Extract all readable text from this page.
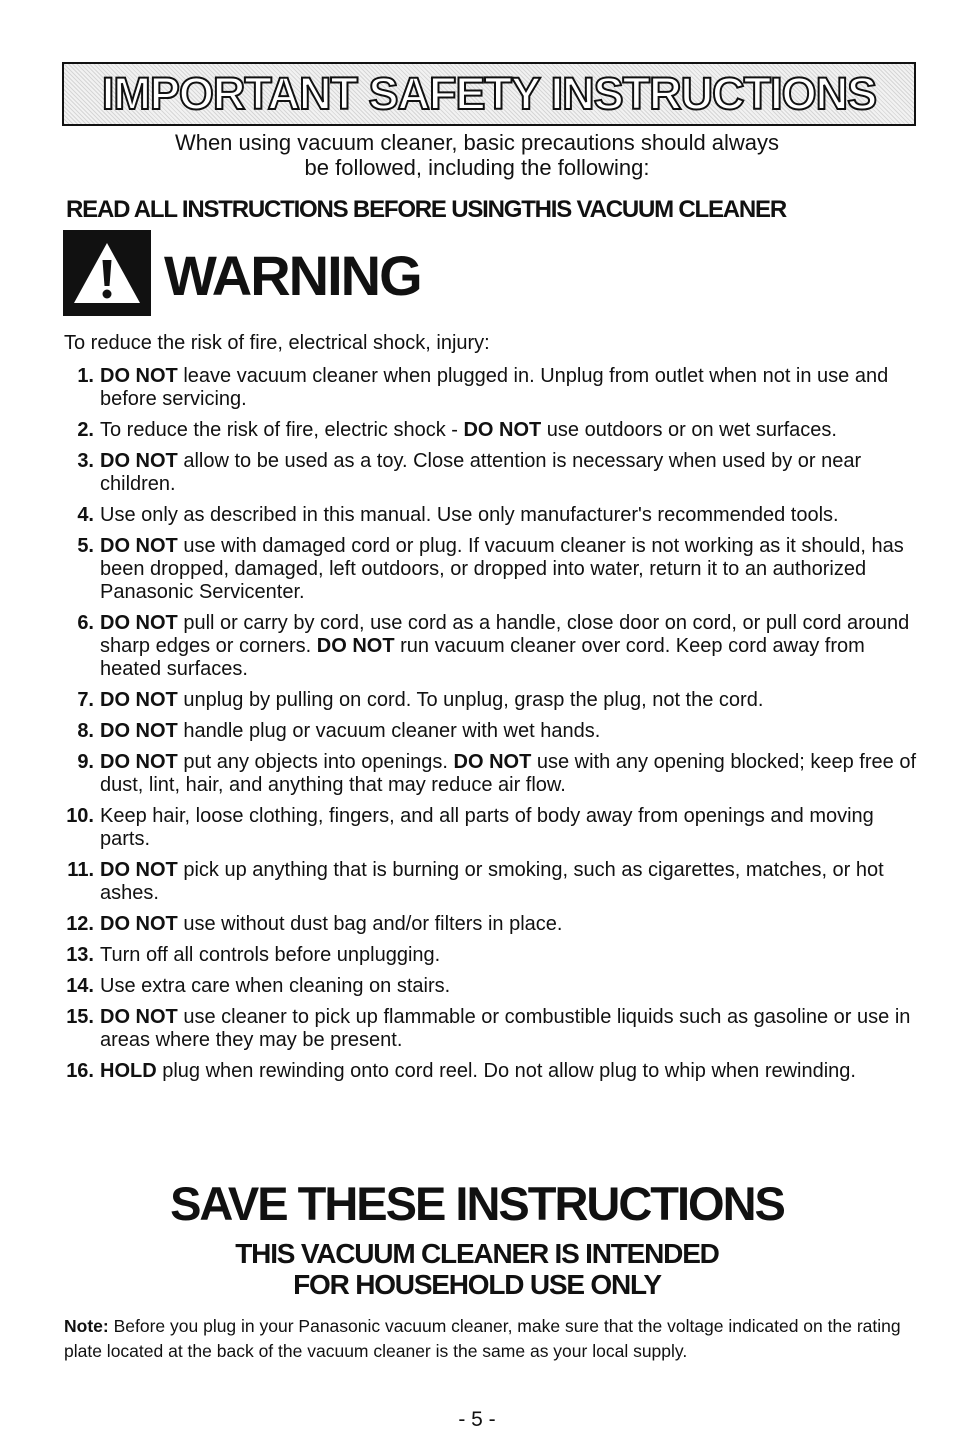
IMPORTANT SAFETY INSTRUCTIONS
When using vacuum cleaner, basic precautions should always
be followed, including the following:
READ ALL INSTRUCTIONS BEFORE USINGTHIS VACUUM CLEANER
WARNING
To reduce the risk of fire, electrical shock, injury:
1. DO NOT leave vacuum cleaner when plugged in. Unplug from outlet when not in use and before servicing.
2. To reduce the risk of fire, electric shock - DO NOT use outdoors or on wet surfaces.
3. DO NOT allow to be used as a toy. Close attention is necessary when used by or near children.
4. Use only as described in this manual. Use only manufacturer's recommended tools.
5. DO NOT use with damaged cord or plug. If vacuum cleaner is not working as it should, has been dropped, damaged, left outdoors, or dropped into water, return it to an authorized Panasonic Servicenter.
6. DO NOT pull or carry by cord, use cord as a handle, close door on cord, or pull cord around sharp edges or corners. DO NOT run vacuum cleaner over cord. Keep cord away from heated surfaces.
7. DO NOT unplug by pulling on cord. To unplug, grasp the plug, not the cord.
8. DO NOT handle plug or vacuum cleaner with wet hands.
9. DO NOT put any objects into openings. DO NOT use with any opening blocked; keep free of dust, lint, hair, and anything that may reduce air flow.
10. Keep hair, loose clothing, fingers, and all parts of body away from openings and moving parts.
11. DO NOT pick up anything that is burning or smoking, such as cigarettes, matches, or hot ashes.
12. DO NOT use without dust bag and/or filters in place.
13. Turn off all controls before unplugging.
14. Use extra care when cleaning on stairs.
15. DO NOT use cleaner to pick up flammable or combustible liquids such as gasoline or use in areas where they may be present.
16. HOLD plug when rewinding onto cord reel. Do not allow plug to whip when rewinding.
SAVE THESE INSTRUCTIONS
THIS VACUUM CLEANER IS INTENDED
FOR HOUSEHOLD USE ONLY
Note: Before you plug in your Panasonic vacuum cleaner, make sure that the voltage indicated on the rating plate located at the back of the vacuum cleaner is the same as your local supply.
- 5 -
